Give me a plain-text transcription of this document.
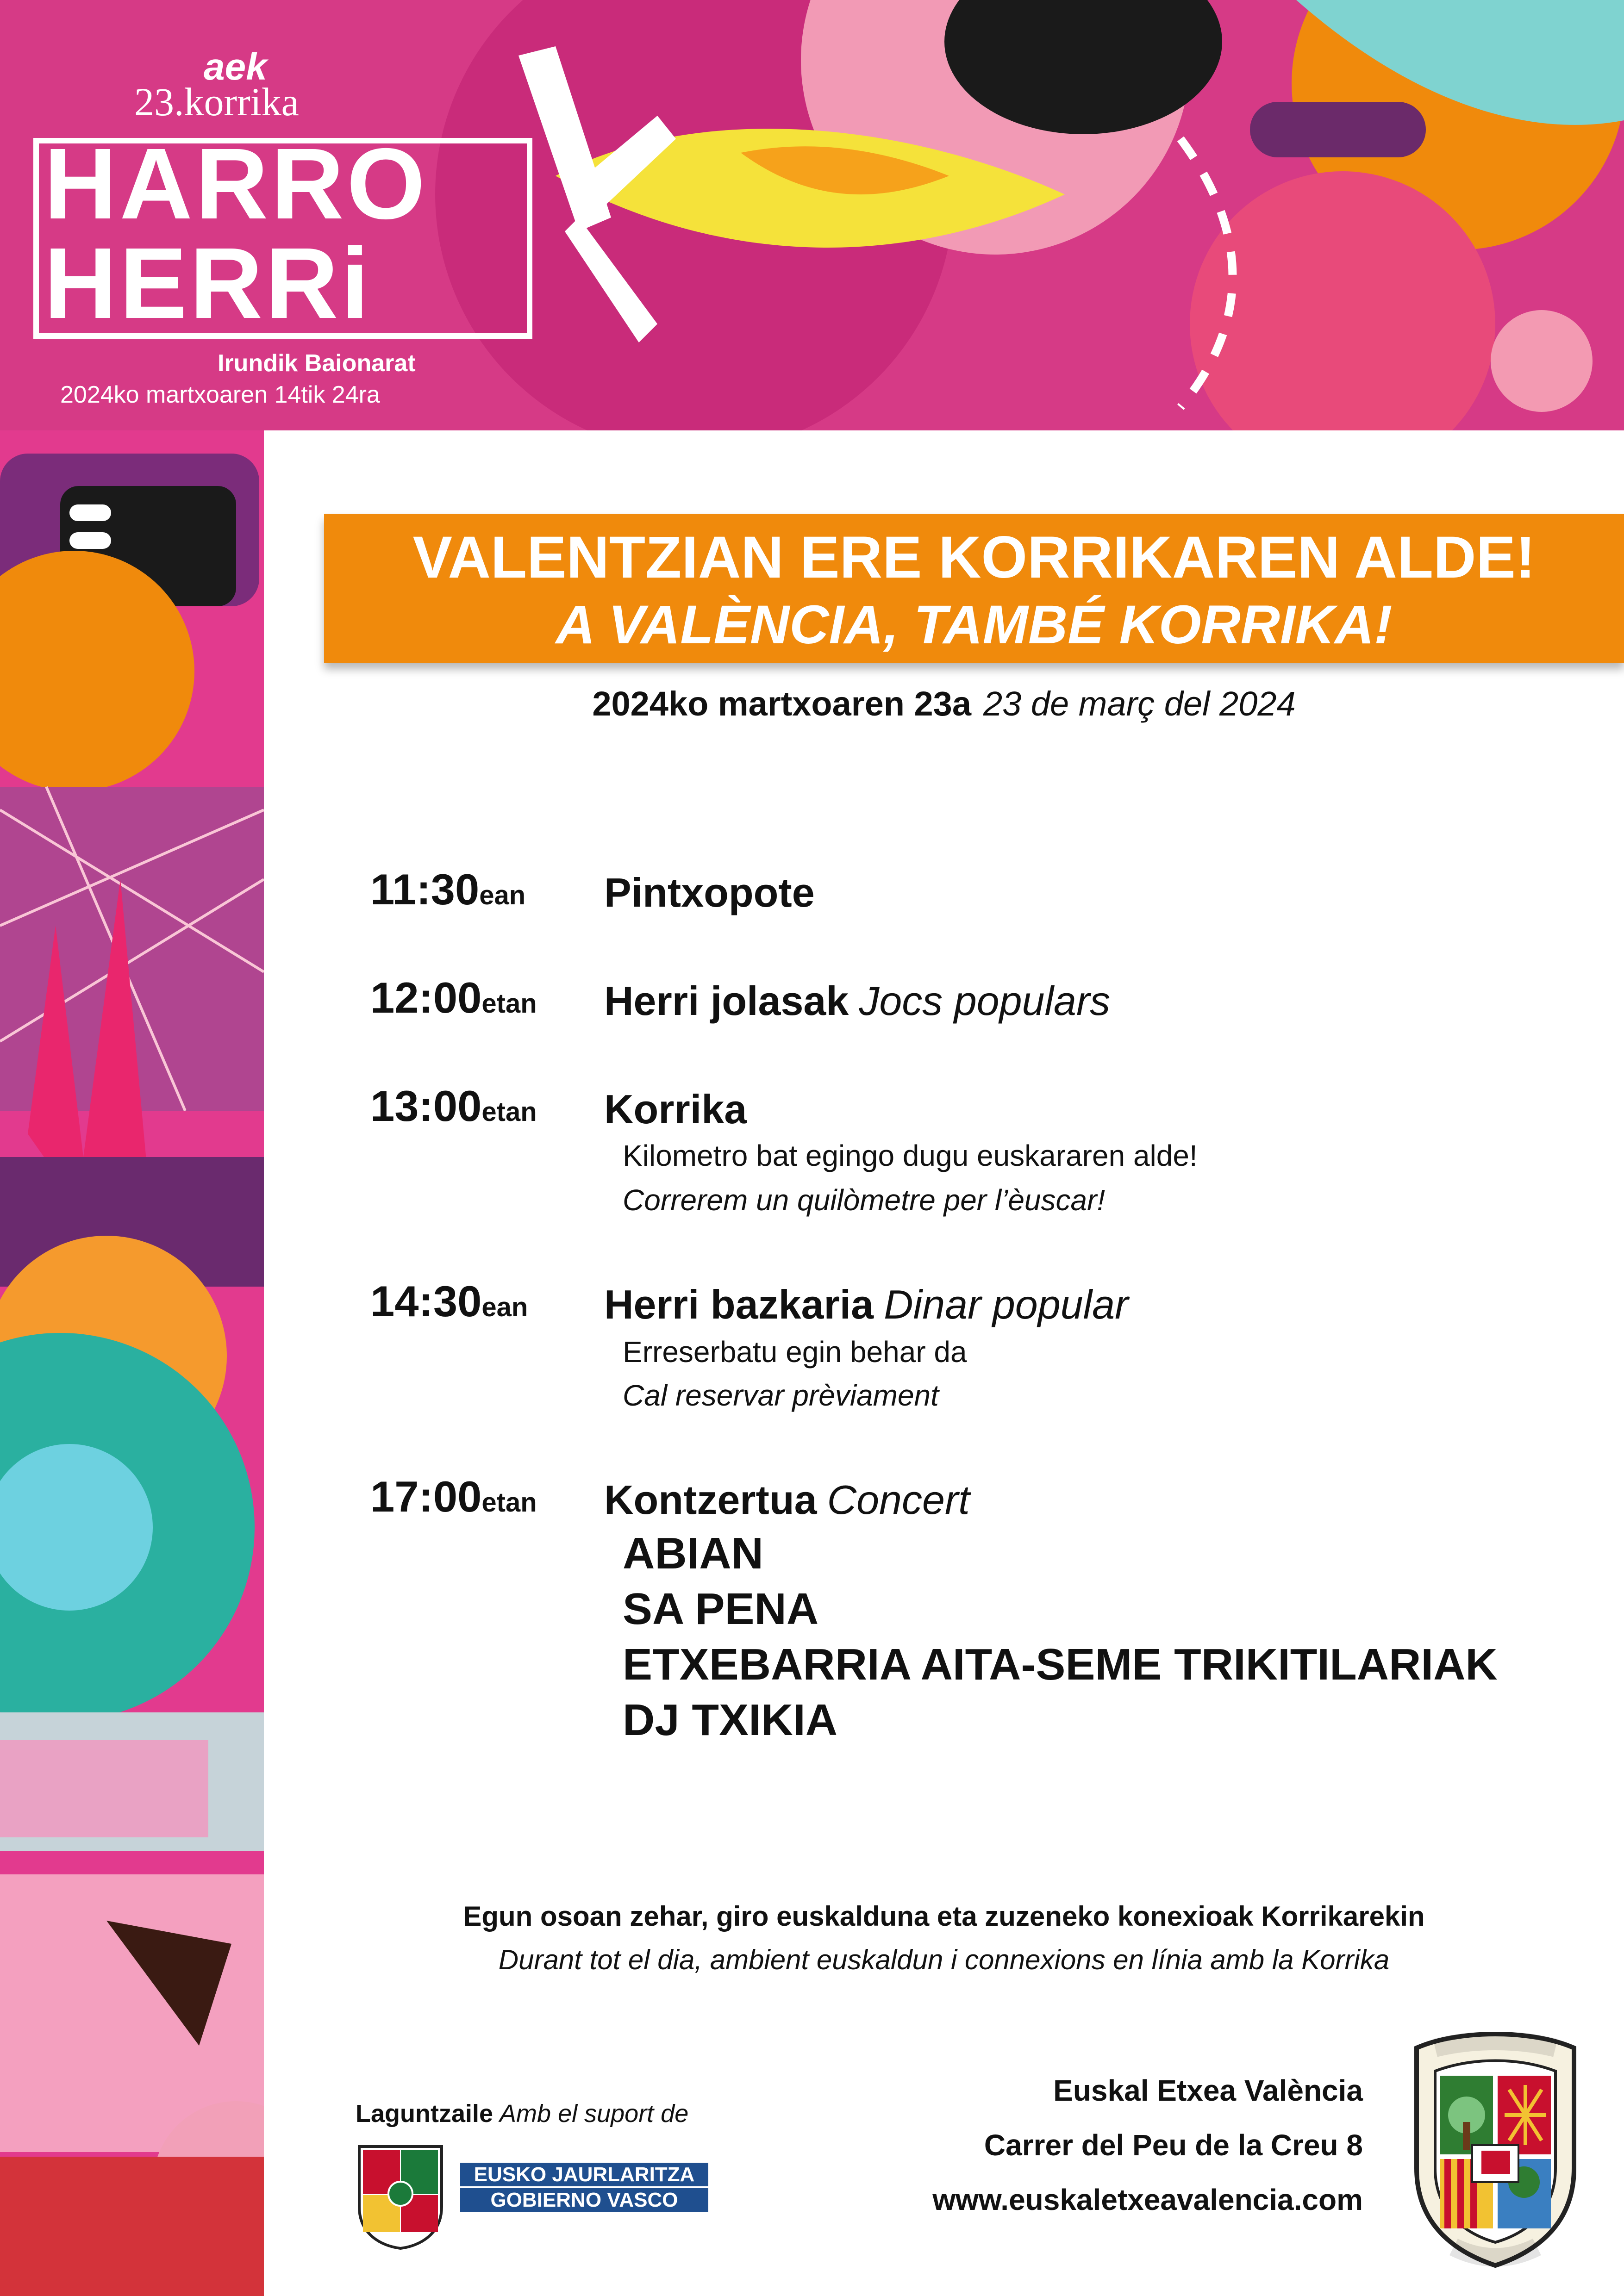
aek
23.korrika
HARRO
HERRi
Irundik Baionarat
2024ko martxoaren 14tik 24ra
VALENTZIAN ERE KORRIKAREN ALDE!
A VALÈNCIA, TAMBÉ KORRIKA!
2024ko martxoaren 23a 23 de març del 2024
11:30ean Pintxopote
12:00etan Herri jolasak Jocs populars
13:00etan Korrika
Kilometro bat egingo dugu euskararen alde!
Correrem un quilòmetre per l’èuscar!
14:30ean Herri bazkaria Dinar popular
Erreserbatu egin behar da
Cal reservar prèviament
17:00etan Kontzertua Concert
ABIAN
SA PENA
ETXEBARRIA AITA-SEME TRIKITILARIAK
DJ TXIKIA
Egun osoan zehar, giro euskalduna eta zuzeneko konexioak Korrikarekin
Durant tot el dia, ambient euskaldun i connexions en línia amb la Korrika
Laguntzaile Amb el suport de
EUSKO JAURLARITZA
GOBIERNO VASCO
Euskal Etxea València
Carrer del Peu de la Creu 8
www.euskaletxeavalencia.com
